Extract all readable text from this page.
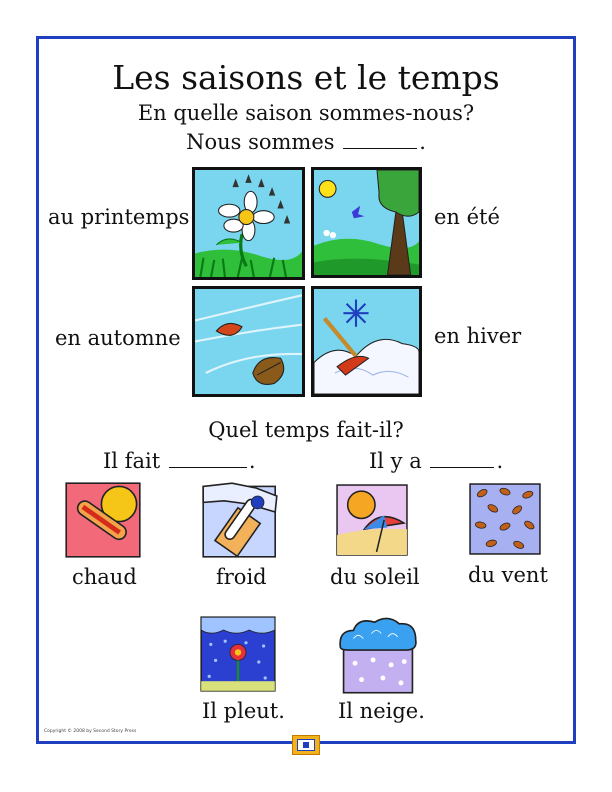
Les saisons et le temps
En quelle saison sommes-nous?
Nous sommes	.
au printemps	en été
en automne	en hiver
Quel temps fait-il?
Il fait	.	Il y a	.
chaud	froid	du soleil du vent
Il pleut.	Il neige.
Copyright © 2008 by Second Story Press
